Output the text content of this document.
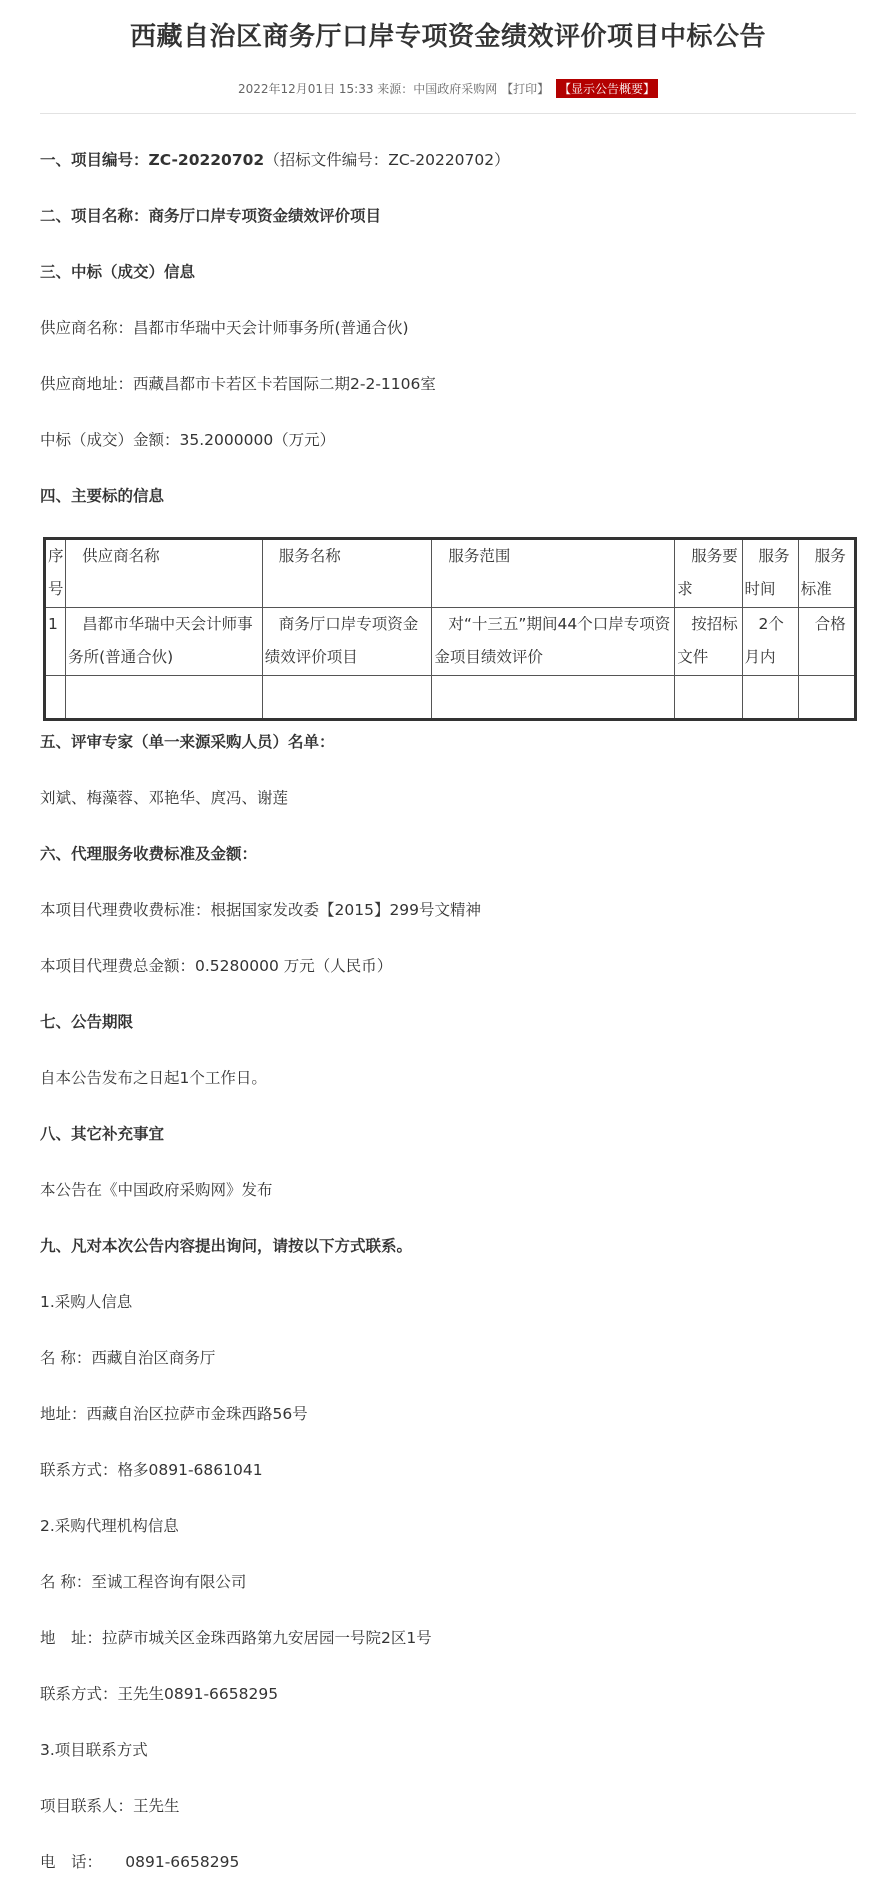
西藏自治区商务厅口岸专项资金绩效评价项目中标公告
2022年12月01日 15:33 来源：中国政府采购网 【打印】 【显示公告概要】
一、项目编号：ZC-20220702（招标文件编号：ZC-20220702）
二、项目名称：商务厅口岸专项资金绩效评价项目
三、中标（成交）信息
供应商名称：昌都市华瑞中天会计师事务所(普通合伙)
供应商地址：西藏昌都市卡若区卡若国际二期2-2-1106室
中标（成交）金额：35.2000000（万元）
四、主要标的信息
序号	供应商名称	服务名称	服务范围	服务要求	服务时间	服务标准
1	昌都市华瑞中天会计师事务所(普通合伙)	商务厅口岸专项资金绩效评价项目	对“十三五”期间44个口岸专项资金项目绩效评价	按招标文件	2个月内	合格

五、评审专家（单一来源采购人员）名单：
刘斌、梅藻蓉、邓艳华、庹冯、谢莲
六、代理服务收费标准及金额：
本项目代理费收费标准：根据国家发改委【2015】299号文精神
本项目代理费总金额：0.5280000 万元（人民币）
七、公告期限
自本公告发布之日起1个工作日。
八、其它补充事宜
本公告在《中国政府采购网》发布
九、凡对本次公告内容提出询问，请按以下方式联系。
1.采购人信息
名 称：西藏自治区商务厅
地址：西藏自治区拉萨市金珠西路56号
联系方式：格多0891-6861041
2.采购代理机构信息
名 称：至诚工程咨询有限公司
地　址：拉萨市城关区金珠西路第九安居园一号院2区1号
联系方式：王先生0891-6658295
3.项目联系方式
项目联系人：王先生
电　话：　　0891-6658295
